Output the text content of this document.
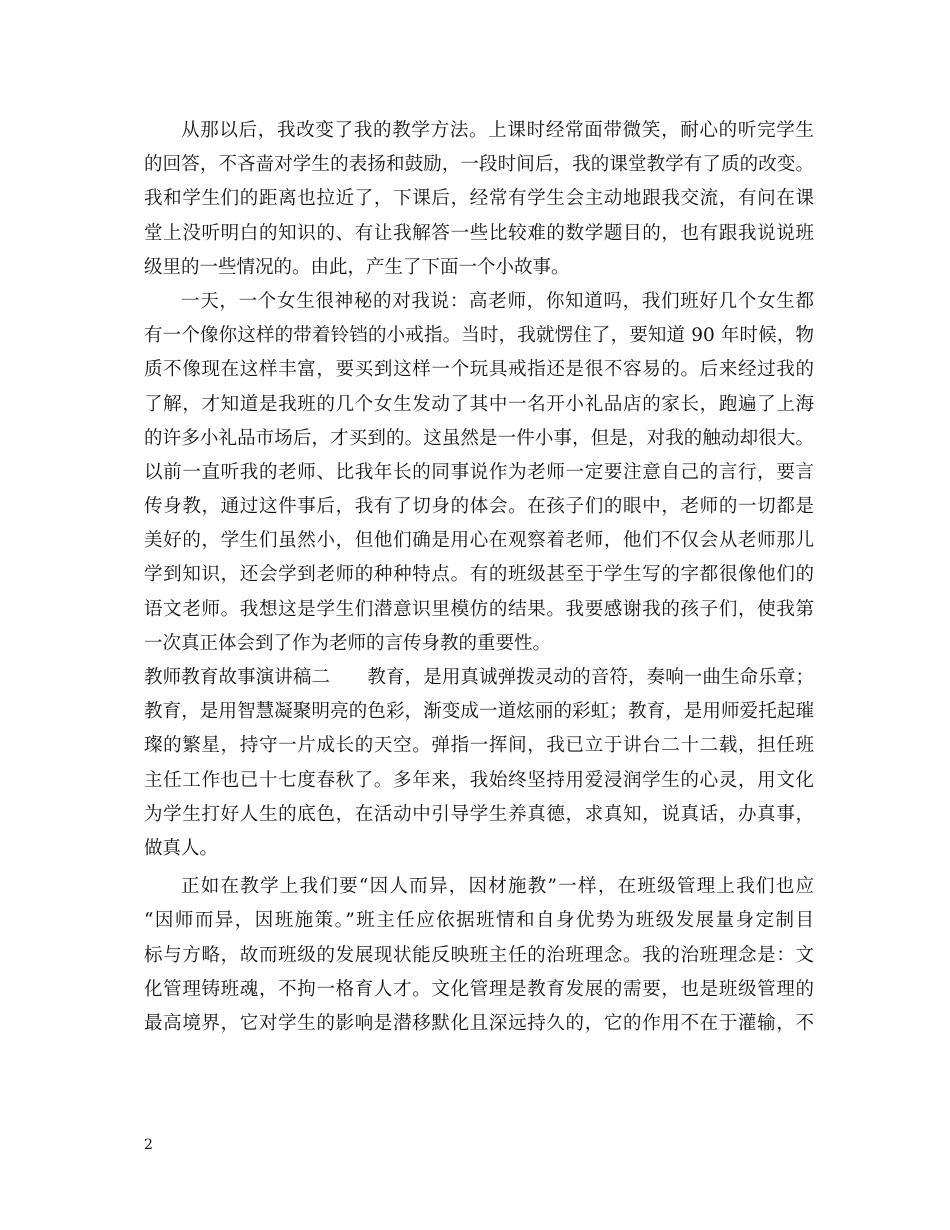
从那以后，我改变了我的教学方法。上课时经常面带微笑，耐心的听完学生
的回答，不吝啬对学生的表扬和鼓励，一段时间后，我的课堂教学有了质的改变。
我和学生们的距离也拉近了，下课后，经常有学生会主动地跟我交流，有问在课
堂上没听明白的知识的、有让我解答一些比较难的数学题目的，也有跟我说说班
级里的一些情况的。由此，产生了下面一个小故事。
一天，一个女生很神秘的对我说：高老师，你知道吗，我们班好几个女生都
有一个像你这样的带着铃铛的小戒指。当时，我就愣住了，要知道 90 年时候，物
质不像现在这样丰富，要买到这样一个玩具戒指还是很不容易的。后来经过我的
了解，才知道是我班的几个女生发动了其中一名开小礼品店的家长，跑遍了上海
的许多小礼品市场后，才买到的。这虽然是一件小事，但是，对我的触动却很大。
以前一直听我的老师、比我年长的同事说作为老师一定要注意自己的言行，要言
传身教，通过这件事后，我有了切身的体会。在孩子们的眼中，老师的一切都是
美好的，学生们虽然小，但他们确是用心在观察着老师，他们不仅会从老师那儿
学到知识，还会学到老师的种种特点。有的班级甚至于学生写的字都很像他们的
语文老师。我想这是学生们潜意识里模仿的结果。我要感谢我的孩子们，使我第
一次真正体会到了作为老师的言传身教的重要性。
教师教育故事演讲稿二　　教育，是用真诚弹拨灵动的音符，奏响一曲生命乐章；
教育，是用智慧凝聚明亮的色彩，渐变成一道炫丽的彩虹；教育，是用师爱托起璀
璨的繁星，持守一片成长的天空。弹指一挥间，我已立于讲台二十二载，担任班
主任工作也已十七度春秋了。多年来，我始终坚持用爱浸润学生的心灵，用文化
为学生打好人生的底色，在活动中引导学生养真德，求真知，说真话，办真事，
做真人。
正如在教学上我们要“因人而异，因材施教”一样，在班级管理上我们也应
“因师而异，因班施策。”班主任应依据班情和自身优势为班级发展量身定制目
标与方略，故而班级的发展现状能反映班主任的治班理念。我的治班理念是：文
化管理铸班魂，不拘一格育人才。文化管理是教育发展的需要，也是班级管理的
最高境界，它对学生的影响是潜移默化且深远持久的，它的作用不在于灌输，不
2
